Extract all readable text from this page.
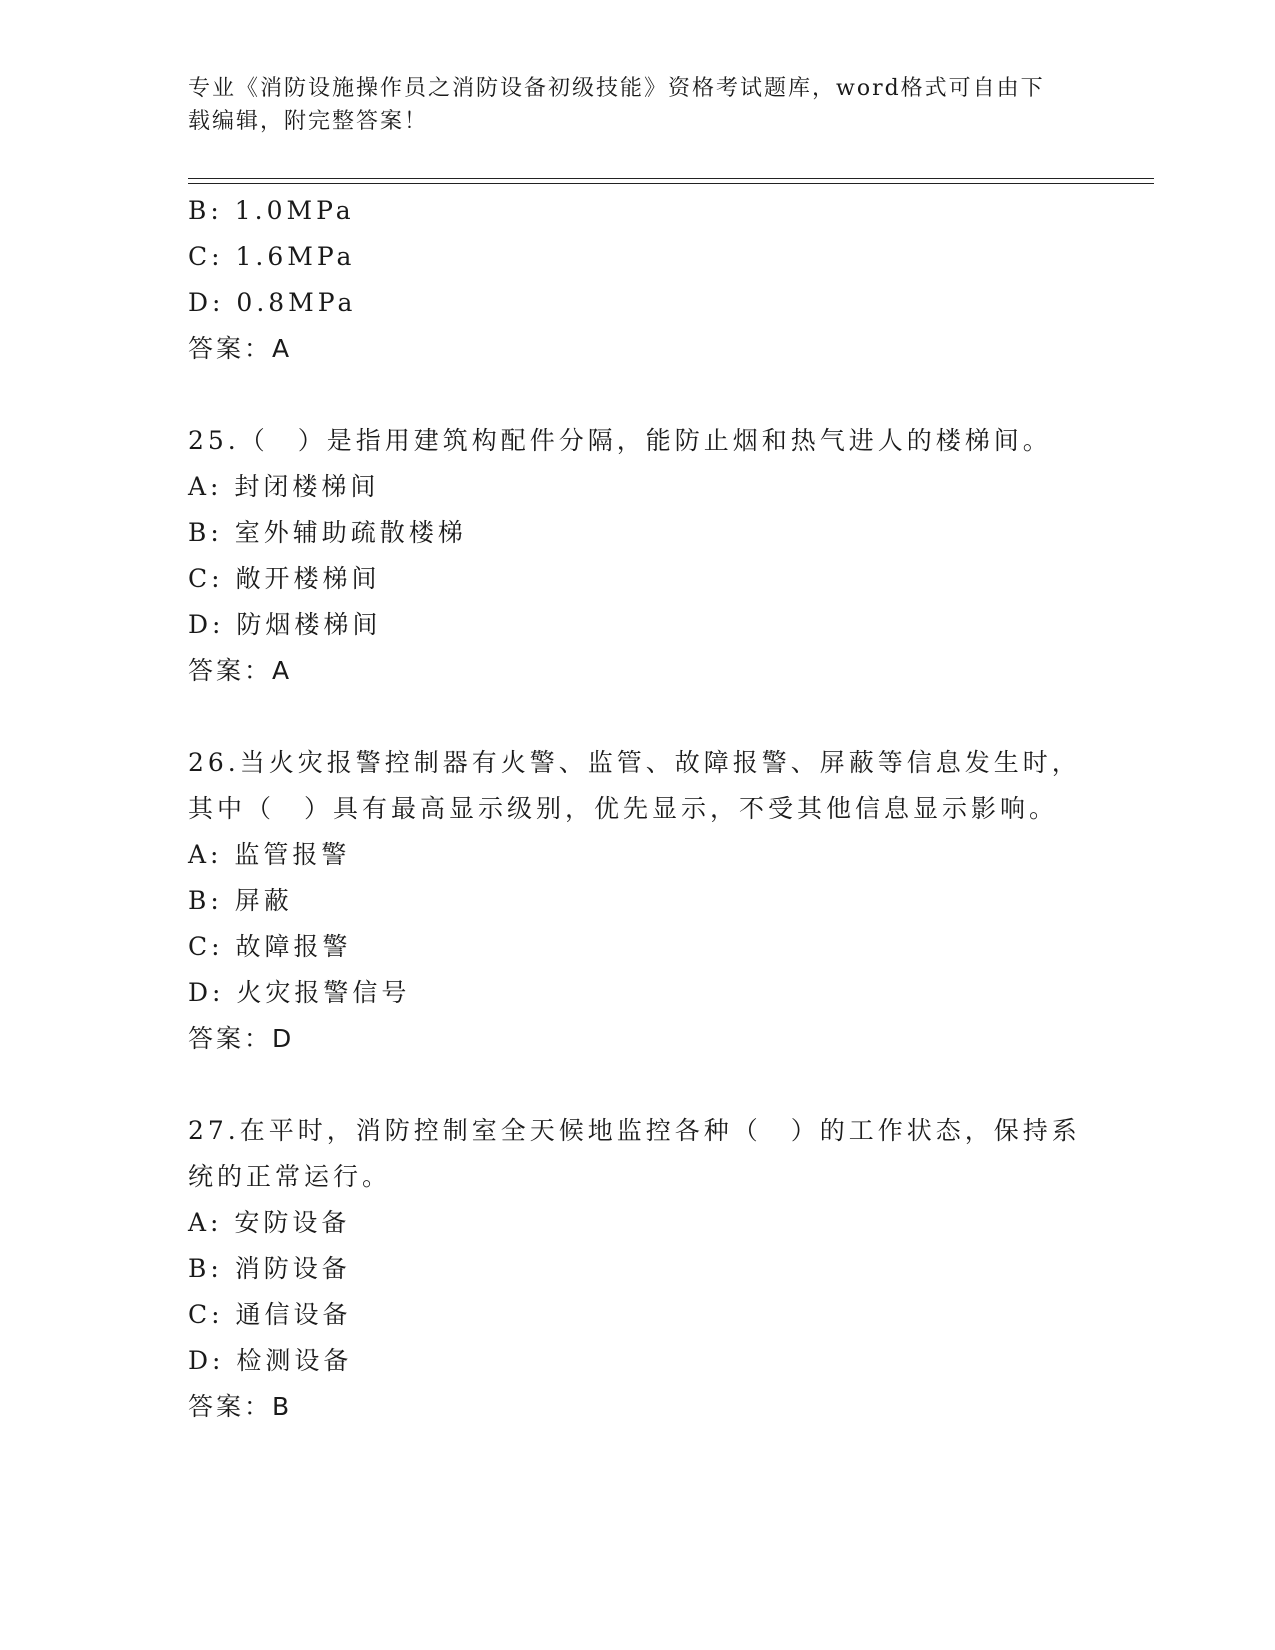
专业《消防设施操作员之消防设备初级技能》资格考试题库，word格式可自由下
载编辑，附完整答案！
B: 1.0MPa
C: 1.6MPa
D: 0.8MPa
答案：A
25.（　）是指用建筑构配件分隔，能防止烟和热气进人的楼梯间。
A: 封闭楼梯间
B: 室外辅助疏散楼梯
C: 敞开楼梯间
D: 防烟楼梯间
答案：A
26.当火灾报警控制器有火警、监管、故障报警、屏蔽等信息发生时，
其中（　）具有最高显示级别，优先显示，不受其他信息显示影响。
A: 监管报警
B: 屏蔽
C: 故障报警
D: 火灾报警信号
答案：D
27.在平时，消防控制室全天候地监控各种（　）的工作状态，保持系
统的正常运行。
A: 安防设备
B: 消防设备
C: 通信设备
D: 检测设备
答案：B
